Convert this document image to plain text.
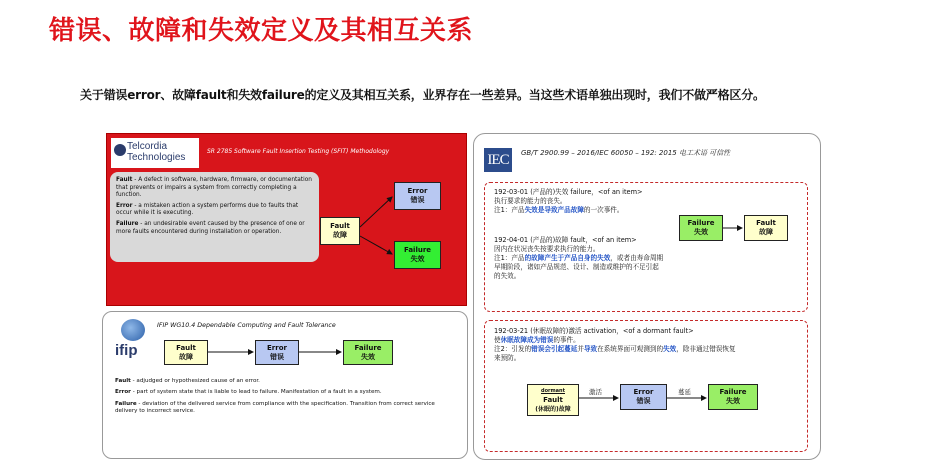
错误、故障和失效定义及其相互关系
关于错误error、故障fault和失效failure的定义及其相互关系，业界存在一些差异。当这些术语单独出现时，我们不做严格区分。
Telcordia
Technologies
SR 2785 Software Fault Insertion Testing (SFIT) Methodology

Fault - A defect in software, hardware, firmware, or documentation that prevents or impairs a system from correctly completing a function.

Error - a mistaken action a system performs due to faults that occur while it is executing.

Failure - an undesirable event caused by the presence of one or more faults encountered during installation or operation.

Fault
故障
Error
错误
Failure
失效
ifip
IFIP WG10.4 Dependable Computing and Fault Tolerance

Fault - adjudged or hypothesized cause of an error.

Error - part of system state that is liable to lead to failure. Manifestation of a fault in a system.

Failure - deviation of the delivered service from compliance with the specification. Transition from correct service delivery to incorrect service.

Fault
故障
Error
错误
Failure
失效
IEC	GB/T 2900.99 – 2016/IEC 60050 – 192: 2015 电工术语 可信性
192-03-01 (产品的)失效 failure，<of an item>
执行要求的能力的丧失。
注1：产品失效是导致产品故障的一次事件。
192-04-01 (产品的)故障 fault，<of an item>
因内在状况丧失按要求执行的能力。
注1：产品的故障产生于产品自身的失效，或者由寿命周期
早期阶段，诸如产品规范、设计、制造或维护的不足引起
的失效。
Failure
失效
Fault
故障
192-03-21 (休眠故障的)激活 activation，<of a dormant fault>
使休眠故障成为错误的事件。
注2：引发的错误会引起蔓延并导致在系统界面可观测到的失效，除非通过错误恢复
来预防。
dormant
Fault
(休眠的)故障
Error
错误
Failure
失效
激活	蔓延
